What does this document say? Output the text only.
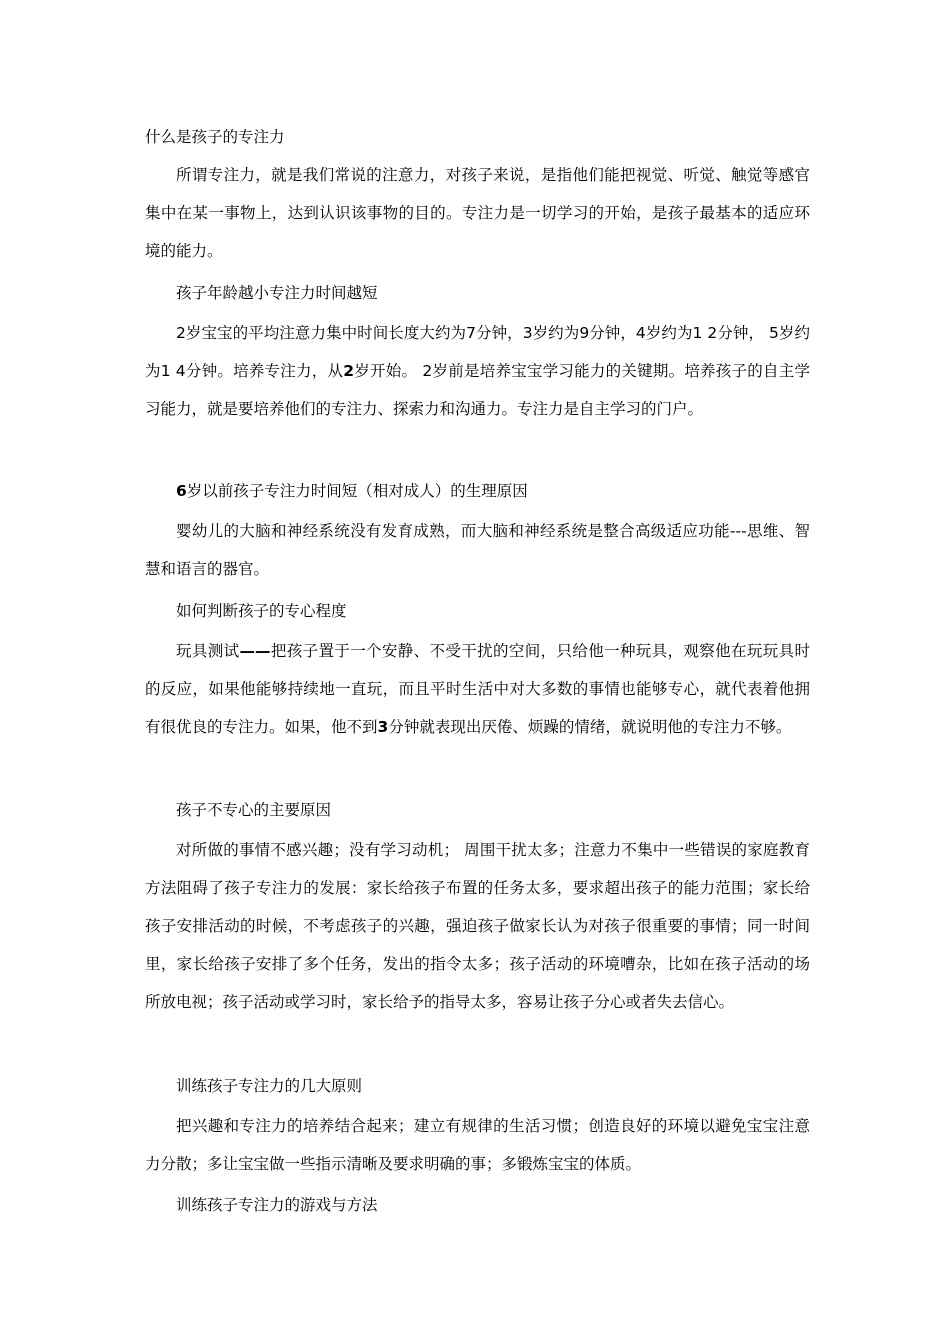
什么是孩子的专注力

所谓专注力，就是我们常说的注意力，对孩子来说，是指他们能把视觉、听觉、触觉等感官集中在某一事物上，达到认识该事物的目的。专注力是一切学习的开始，是孩子最基本的适应环境的能力。

孩子年龄越小专注力时间越短

2岁宝宝的平均注意力集中时间长度大约为7分钟，3岁约为9分钟，4岁约为1 2分钟， 5岁约为1 4分钟。培养专注力，从2岁开始。 2岁前是培养宝宝学习能力的关键期。培养孩子的自主学习能力，就是要培养他们的专注力、探索力和沟通力。专注力是自主学习的门户。

6岁以前孩子专注力时间短（相对成人）的生理原因

婴幼儿的大脑和神经系统没有发育成熟，而大脑和神经系统是整合高级适应功能---思维、智慧和语言的器官。

如何判断孩子的专心程度

玩具测试——把孩子置于一个安静、不受干扰的空间，只给他一种玩具，观察他在玩玩具时的反应，如果他能够持续地一直玩，而且平时生活中对大多数的事情也能够专心，就代表着他拥有很优良的专注力。如果，他不到3分钟就表现出厌倦、烦躁的情绪，就说明他的专注力不够。

孩子不专心的主要原因

对所做的事情不感兴趣；没有学习动机； 周围干扰太多；注意力不集中一些错误的家庭教育方法阻碍了孩子专注力的发展：家长给孩子布置的任务太多，要求超出孩子的能力范围；家长给孩子安排活动的时候，不考虑孩子的兴趣，强迫孩子做家长认为对孩子很重要的事情；同一时间里，家长给孩子安排了多个任务，发出的指令太多；孩子活动的环境嘈杂，比如在孩子活动的场所放电视；孩子活动或学习时，家长给予的指导太多，容易让孩子分心或者失去信心。

训练孩子专注力的几大原则

把兴趣和专注力的培养结合起来；建立有规律的生活习惯；创造良好的环境以避免宝宝注意力分散；多让宝宝做一些指示清晰及要求明确的事；多锻炼宝宝的体质。

训练孩子专注力的游戏与方法
